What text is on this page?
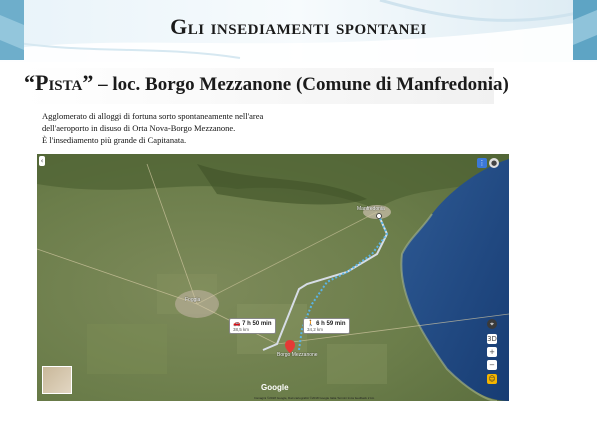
Gli insediamenti spontanei
“Pista” – loc. Borgo Mezzanone (Comune di Manfredonia)

Agglomerato di alloggi di fortuna sorto spontaneamente nell'area

dell'aeroporto in disuso di Orta Nova-Borgo Mezzanone.

È l'insediamento più grande di Capitanata.

Foggia
Manfredonia
Borgo Mezzanone
🚗 7 h 50 min
38,5 km
🚶 6 h 59 min
34,2 km
‹	⋮ ●
⌖
3D
+
−
☺
Google
Immagini ©2018 Google, Dati cartografici ©2018 Google Italia Termini Invia feedback 2 km
